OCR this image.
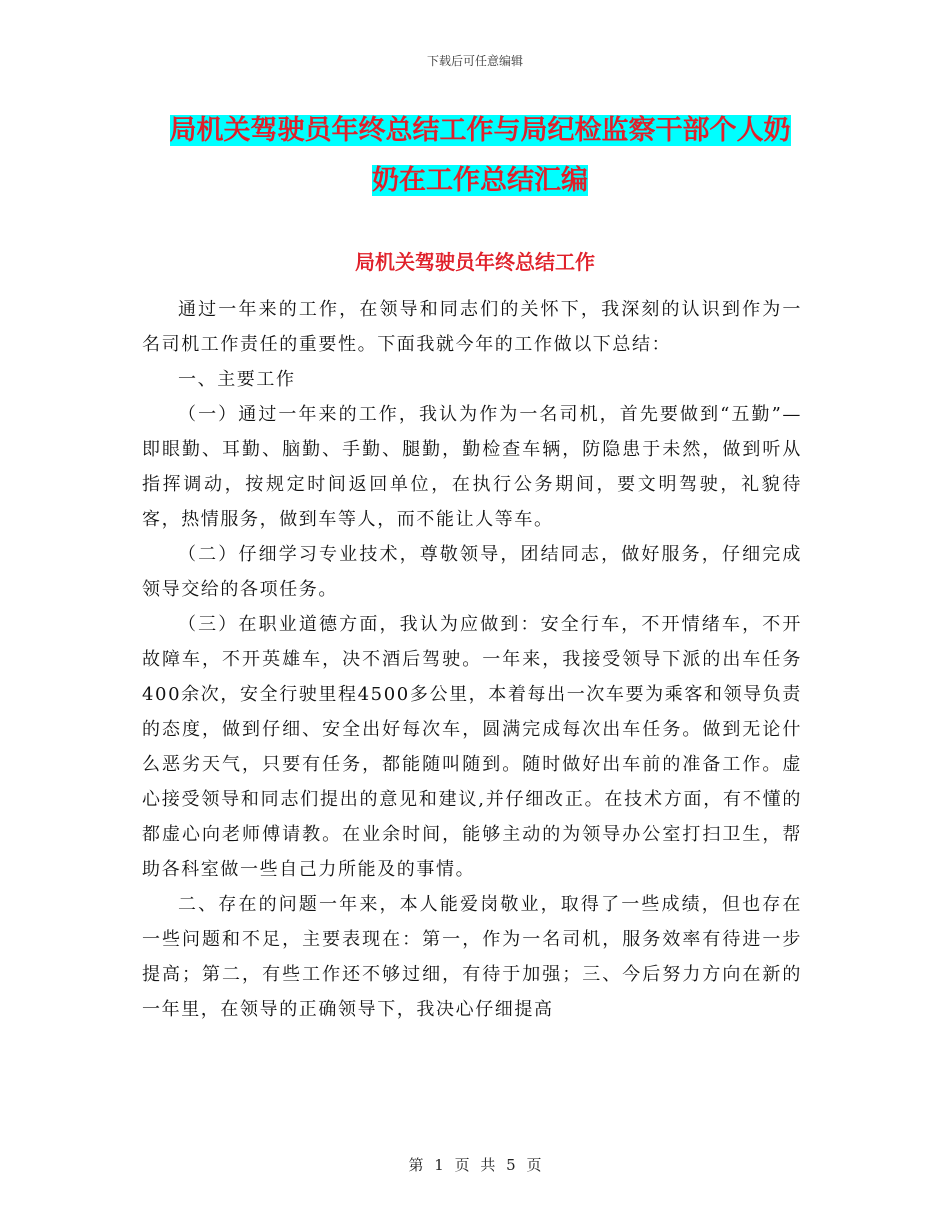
下载后可任意编辑
局机关驾驶员年终总结工作与局纪检监察干部个人奶
奶在工作总结汇编
局机关驾驶员年终总结工作

通过一年来的工作，在领导和同志们的关怀下，我深刻的认识到作为一名司机工作责任的重要性。下面我就今年的工作做以下总结：

一、主要工作

（一）通过一年来的工作，我认为作为一名司机，首先要做到“五勤”—即眼勤、耳勤、脑勤、手勤、腿勤，勤检查车辆，防隐患于未然，做到听从指挥调动，按规定时间返回单位，在执行公务期间，要文明驾驶，礼貌待客，热情服务，做到车等人，而不能让人等车。

（二）仔细学习专业技术，尊敬领导，团结同志，做好服务，仔细完成领导交给的各项任务。

（三）在职业道德方面，我认为应做到：安全行车，不开情绪车，不开故障车，不开英雄车，决不酒后驾驶。一年来，我接受领导下派的出车任务400余次，安全行驶里程4500多公里，本着每出一次车要为乘客和领导负责的态度，做到仔细、安全出好每次车，圆满完成每次出车任务。做到无论什么恶劣天气，只要有任务，都能随叫随到。随时做好出车前的准备工作。虚心接受领导和同志们提出的意见和建议,并仔细改正。在技术方面，有不懂的都虚心向老师傅请教。在业余时间，能够主动的为领导办公室打扫卫生，帮助各科室做一些自己力所能及的事情。

二、存在的问题一年来，本人能爱岗敬业，取得了一些成绩，但也存在一些问题和不足，主要表现在：第一，作为一名司机，服务效率有待进一步提高；第二，有些工作还不够过细，有待于加强；三、今后努力方向在新的一年里，在领导的正确领导下，我决心仔细提高

第 1 页 共 5 页
